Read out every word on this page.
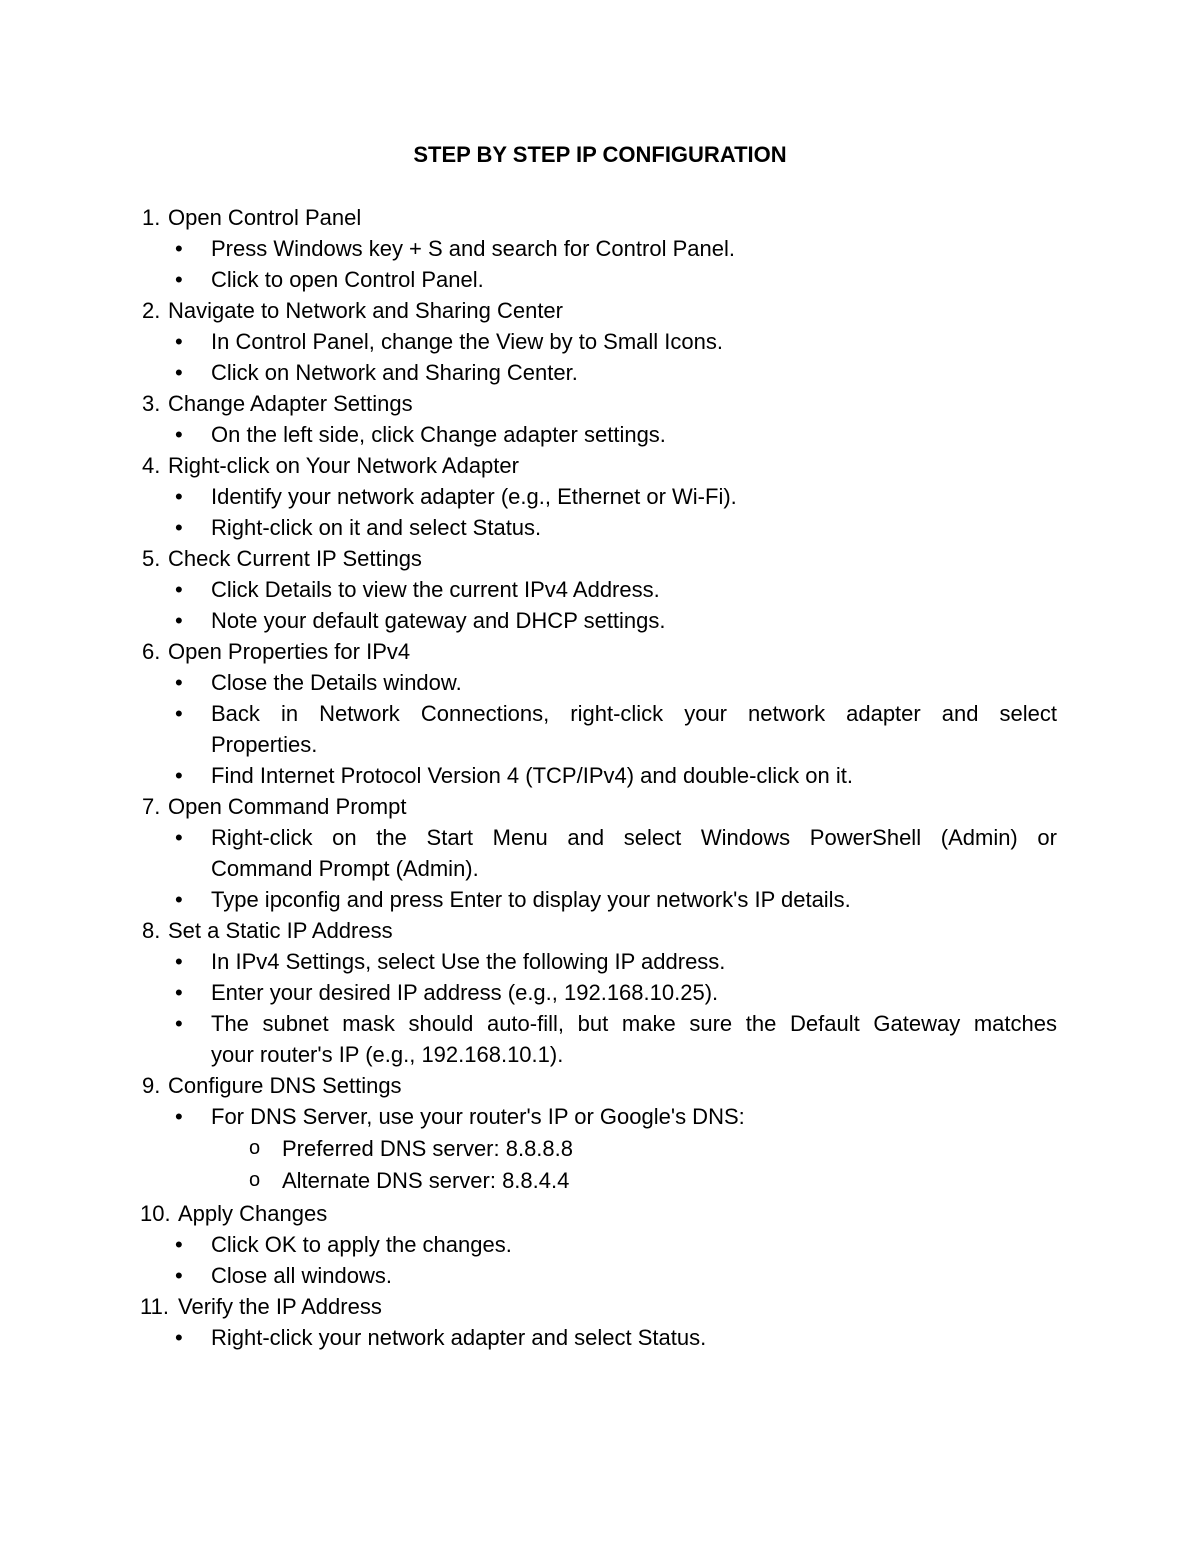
STEP BY STEP IP CONFIGURATION
1. Open Control Panel
• Press Windows key + S and search for Control Panel.
• Click to open Control Panel.
2. Navigate to Network and Sharing Center
• In Control Panel, change the View by to Small Icons.
• Click on Network and Sharing Center.
3. Change Adapter Settings
• On the left side, click Change adapter settings.
4. Right-click on Your Network Adapter
• Identify your network adapter (e.g., Ethernet or Wi-Fi).
• Right-click on it and select Status.
5. Check Current IP Settings
• Click Details to view the current IPv4 Address.
• Note your default gateway and DHCP settings.
6. Open Properties for IPv4
• Close the Details window.
• Back in Network Connections, right-click your network adapter and select
Properties.
• Find Internet Protocol Version 4 (TCP/IPv4) and double-click on it.
7. Open Command Prompt
• Right-click on the Start Menu and select Windows PowerShell (Admin) or
Command Prompt (Admin).
• Type ipconfig and press Enter to display your network's IP details.
8. Set a Static IP Address
• In IPv4 Settings, select Use the following IP address.
• Enter your desired IP address (e.g., 192.168.10.25).
• The subnet mask should auto-fill, but make sure the Default Gateway matches
your router's IP (e.g., 192.168.10.1).
9. Configure DNS Settings
• For DNS Server, use your router's IP or Google's DNS:
o Preferred DNS server: 8.8.8.8
o Alternate DNS server: 8.8.4.4
10. Apply Changes
• Click OK to apply the changes.
• Close all windows.
11. Verify the IP Address
• Right-click your network adapter and select Status.
